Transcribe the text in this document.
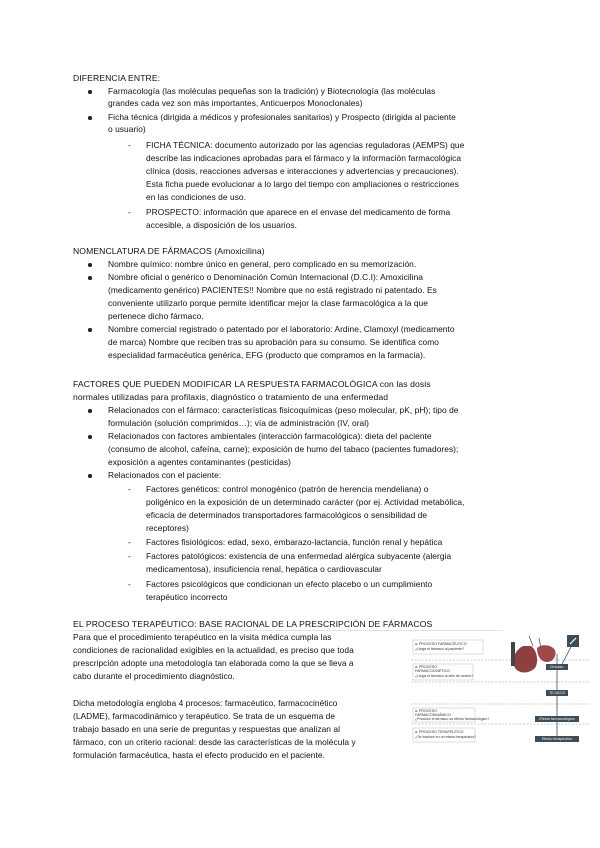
DIFERENCIA ENTRE:
Farmacología (las moléculas pequeñas son la tradición) y Biotecnología (las moléculas
grandes cada vez son más importantes, Anticuerpos Monoclonales)
Ficha técnica (dirigida a médicos y profesionales sanitarios) y Prospecto (dirigida al paciente
o usuario)
- FICHA TÉCNICA: documento autorizado por las agencias reguladoras (AEMPS) que
describe las indicaciones aprobadas para el fármaco y la información farmacológica
clínica (dosis, reacciones adversas e interacciones y advertencias y precauciones).
Esta ficha puede evolucionar a lo largo del tiempo con ampliaciones o restricciones
en las condiciones de uso.
- PROSPECTO: información que aparece en el envase del medicamento de forma
accesible, a disposición de los usuarios.
NOMENCLATURA DE FÁRMACOS (Amoxicilina)
Nombre químico: nombre único en general, pero complicado en su memorización.
Nombre oficial o genérico o Denominación Común Internacional (D.C.I): Amoxicilina
(medicamento genérico) PACIENTES!! Nombre que no está registrado ni patentado. Es
conveniente utilizarlo porque permite identificar mejor la clase farmacológica a la que
pertenece dicho fármaco.
Nombre comercial registrado o patentado por el laboratorio: Ardine, Clamoxyl (medicamento
de marca) Nombre que reciben tras su aprobación para su consumo. Se identifica como
especialidad farmacéutica genérica, EFG (producto que compramos en la farmacia).
FACTORES QUE PUEDEN MODIFICAR LA RESPUESTA FARMACOLÓGICA con las dosis
normales utilizadas para profilaxis, diagnóstico o tratamiento de una enfermedad
Relacionados con el fármaco: características fisicoquímicas (peso molecular, pK, pH); tipo de
formulación (solución comprimidos…); vía de administración (IV, oral)
Relacionados con factores ambientales (interacción farmacológica): dieta del paciente
(consumo de alcohol, cafeína, carne); exposición de humo del tabaco (pacientes fumadores);
exposición a agentes contaminantes (pesticidas)
Relacionados con el paciente:
- Factores genéticos: control monogénico (patrón de herencia mendeliana) o
poligénico en la exposición de un determinado carácter (por ej. Actividad metabólica,
eficacia de determinados transportadores farmacológicos o sensibilidad de
receptores)
- Factores fisiológicos: edad, sexo, embarazo-lactancia, función renal y hepática
- Factores patológicos: existencia de una enfermedad alérgica subyacente (alergia
medicamentosa), insuficiencia renal, hepática o cardiovascular
- Factores psicológicos que condicionan un efecto placebo o un cumplimiento
terapéutico incorrecto
EL PROCESO TERAPÉUTICO: BASE RACIONAL DE LA PRESCRIPCIÓN DE FÁRMACOS
Para que el procedimiento terapéutico en la visita médica cumpla las
condiciones de racionalidad exigibles en la actualidad, es preciso que toda
prescripción adopte una metodología tan elaborada como la que se lleva a
cabo durante el procedimiento diagnóstico.
Dicha metodología engloba 4 procesos: farmacéutico, farmacocinético
(LADME), farmacodinámico y terapéutico. Se trata de un esquema de
trabajo basado en una serie de preguntas y respuestas que analizan al
fármaco, con un criterio racional: desde las características de la molécula y
formulación farmacéutica, hasta el efecto producido en el paciente.
a. PROCESO FARMACÉUTICO
¿Llega el fármaco al paciente?
a. PROCESO
FARMACOCINÉTICO
¿Llega el fármaco al sitio de acción?
a. PROCESO
FARMACODINÁMICO
¿Produce el fármaco su efecto farmacológico?
a. PROCESO TERAPÉUTICO
¿Se traduce en un efecto terapéutico?
Circulac.
TEJIDOS
Efecto farmacológico
Efecto terapéutico
